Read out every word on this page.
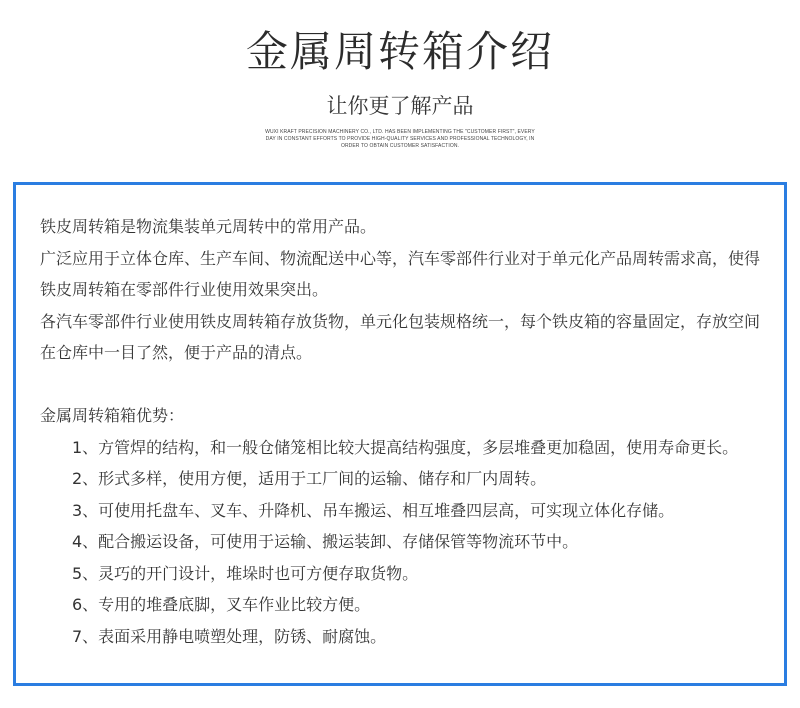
金属周转箱介绍
让你更了解产品
WUXI KRAFT PRECISION MACHINERY CO., LTD. HAS BEEN IMPLEMENTING THE "CUSTOMER FIRST", EVERY DAY IN CONSTANT EFFORTS TO PROVIDE HIGH-QUALITY SERVICES AND PROFESSIONAL TECHNOLOGY, IN ORDER TO OBTAIN CUSTOMER SATISFACTION.

铁皮周转箱是物流集装单元周转中的常用产品。

广泛应用于立体仓库、生产车间、物流配送中心等，汽车零部件行业对于单元化产品周转需求高，使得铁皮周转箱在零部件行业使用效果突出。

各汽车零部件行业使用铁皮周转箱存放货物，单元化包装规格统一，每个铁皮箱的容量固定，存放空间在仓库中一目了然，便于产品的清点。

金属周转箱箱优势：

1、方管焊的结构，和一般仓储笼相比较大提高结构强度，多层堆叠更加稳固，使用寿命更长。

2、形式多样，使用方便，适用于工厂间的运输、储存和厂内周转。

3、可使用托盘车、叉车、升降机、吊车搬运、相互堆叠四层高，可实现立体化存储。

4、配合搬运设备，可使用于运输、搬运装卸、存储保管等物流环节中。

5、灵巧的开门设计，堆垛时也可方便存取货物。

6、专用的堆叠底脚，叉车作业比较方便。

7、表面采用静电喷塑处理，防锈、耐腐蚀。
